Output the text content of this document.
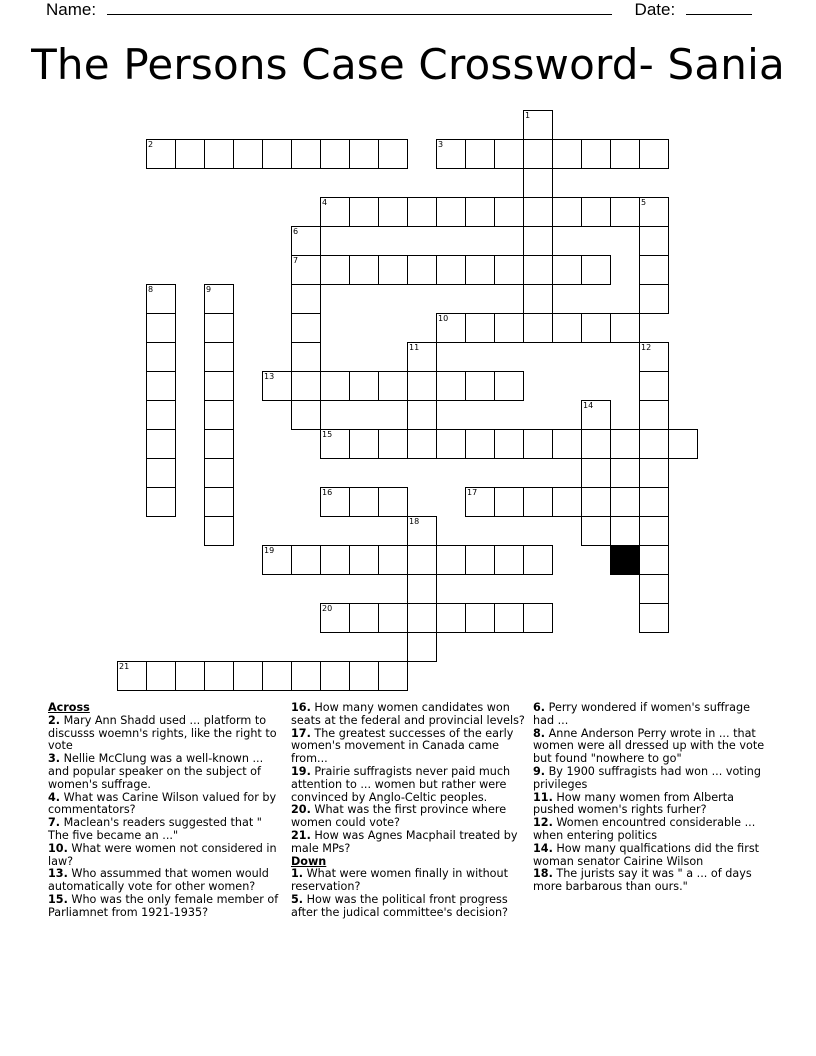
Name:	Date:
The Persons Case Crossword- Sania
2	3
4	5
6
7
10
13
15
16	17
19
20
21
1
8	9
11	12
14
18
Across
2. Mary Ann Shadd used ... platform to discusss woemn's rights, like the right to vote
3. Nellie McClung was a well-known ... and popular speaker on the subject of women's suffrage.
4. What was Carine Wilson valued for by commentators?
7. Maclean's readers suggested that " The five became an ..."
10. What were women not considered in law?
13. Who assummed that women would automatically vote for other women?
15. Who was the only female member of Parliamnet from 1921-1935?
16. How many women candidates won seats at the federal and provincial levels?
17. The greatest successes of the early women's movement in Canada came from...
19. Prairie suffragists never paid much attention to ... women but rather were convinced by Anglo-Celtic peoples.
20. What was the first province where women could vote?
21. How was Agnes Macphail treated by male MPs?
Down
1. What were women finally in without reservation?
5. How was the political front progress after the judical committee's decision?
6. Perry wondered if women's suffrage had ...
8. Anne Anderson Perry wrote in ... that women were all dressed up with the vote but found "nowhere to go"
9. By 1900 suffragists had won ... voting privileges
11. How many women from Alberta pushed women's rights furher?
12. Women encountred considerable ... when entering politics
14. How many qualfications did the first woman senator Cairine Wilson
18. The jurists say it was " a ... of days more barbarous than ours."
